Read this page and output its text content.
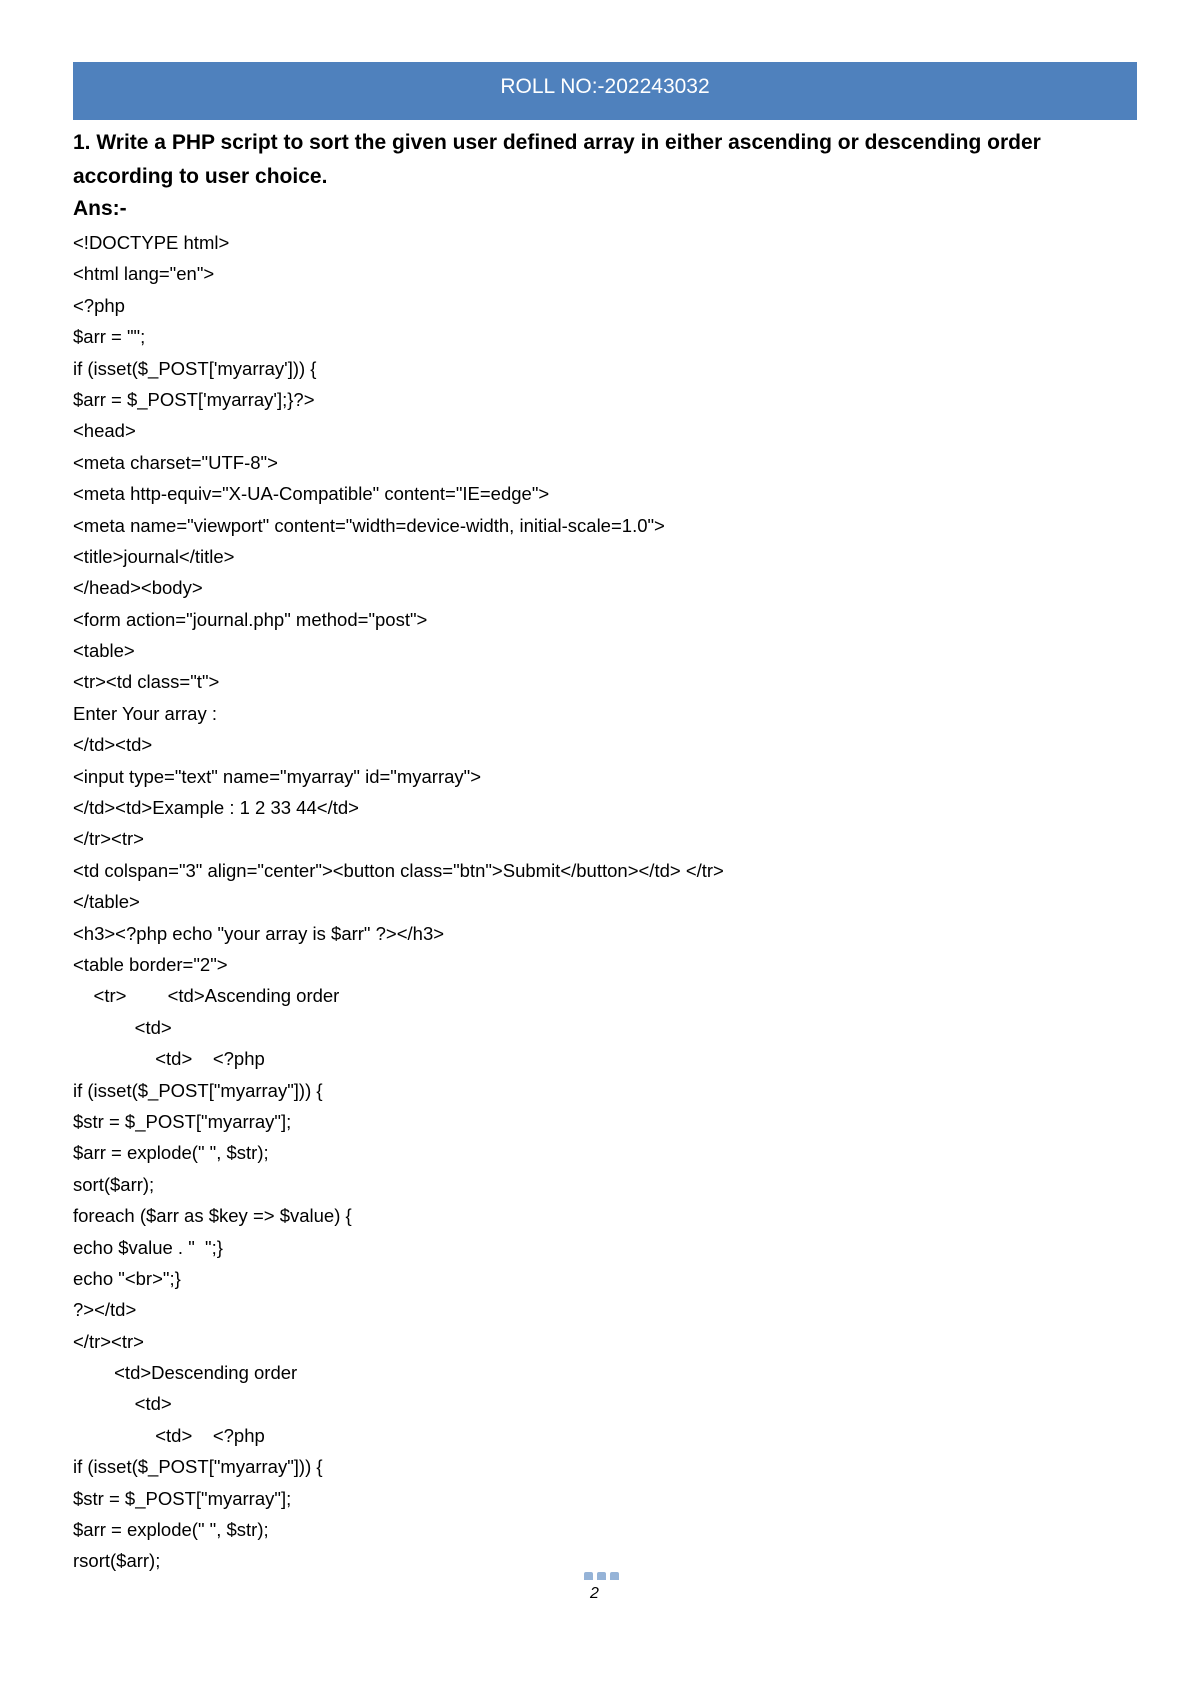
ROLL NO:-202243032
1. Write a PHP script to sort the given user defined array in either ascending or descending order according to user choice.
Ans:-
<!DOCTYPE html>
<html lang="en">
<?php
$arr = "";
if (isset($_POST['myarray'])) {
$arr = $_POST['myarray'];}?>
<head>
<meta charset="UTF-8">
<meta http-equiv="X-UA-Compatible" content="IE=edge">
<meta name="viewport" content="width=device-width, initial-scale=1.0">
<title>journal</title>
</head><body>
<form action="journal.php" method="post">
<table>
<tr><td class="t">
Enter Your array :
</td><td>
<input type="text" name="myarray" id="myarray">
</td><td>Example : 1 2 33 44</td>
</tr><tr>
<td colspan="3" align="center"><button class="btn">Submit</button></td> </tr>
</table>
<h3><?php echo "your array is $arr" ?></h3>
<table border="2">
<tr>        <td>Ascending order
<td>
<td>    <?php
if (isset($_POST["myarray"])) {
$str = $_POST["myarray"];
$arr = explode(" ", $str);
sort($arr);
foreach ($arr as $key => $value) {
echo $value . "  ";}
echo "<br>";}
?></td>
</tr><tr>
<td>Descending order
<td>
<td>    <?php
if (isset($_POST["myarray"])) {
$str = $_POST["myarray"];
$arr = explode(" ", $str);
rsort($arr);
2
